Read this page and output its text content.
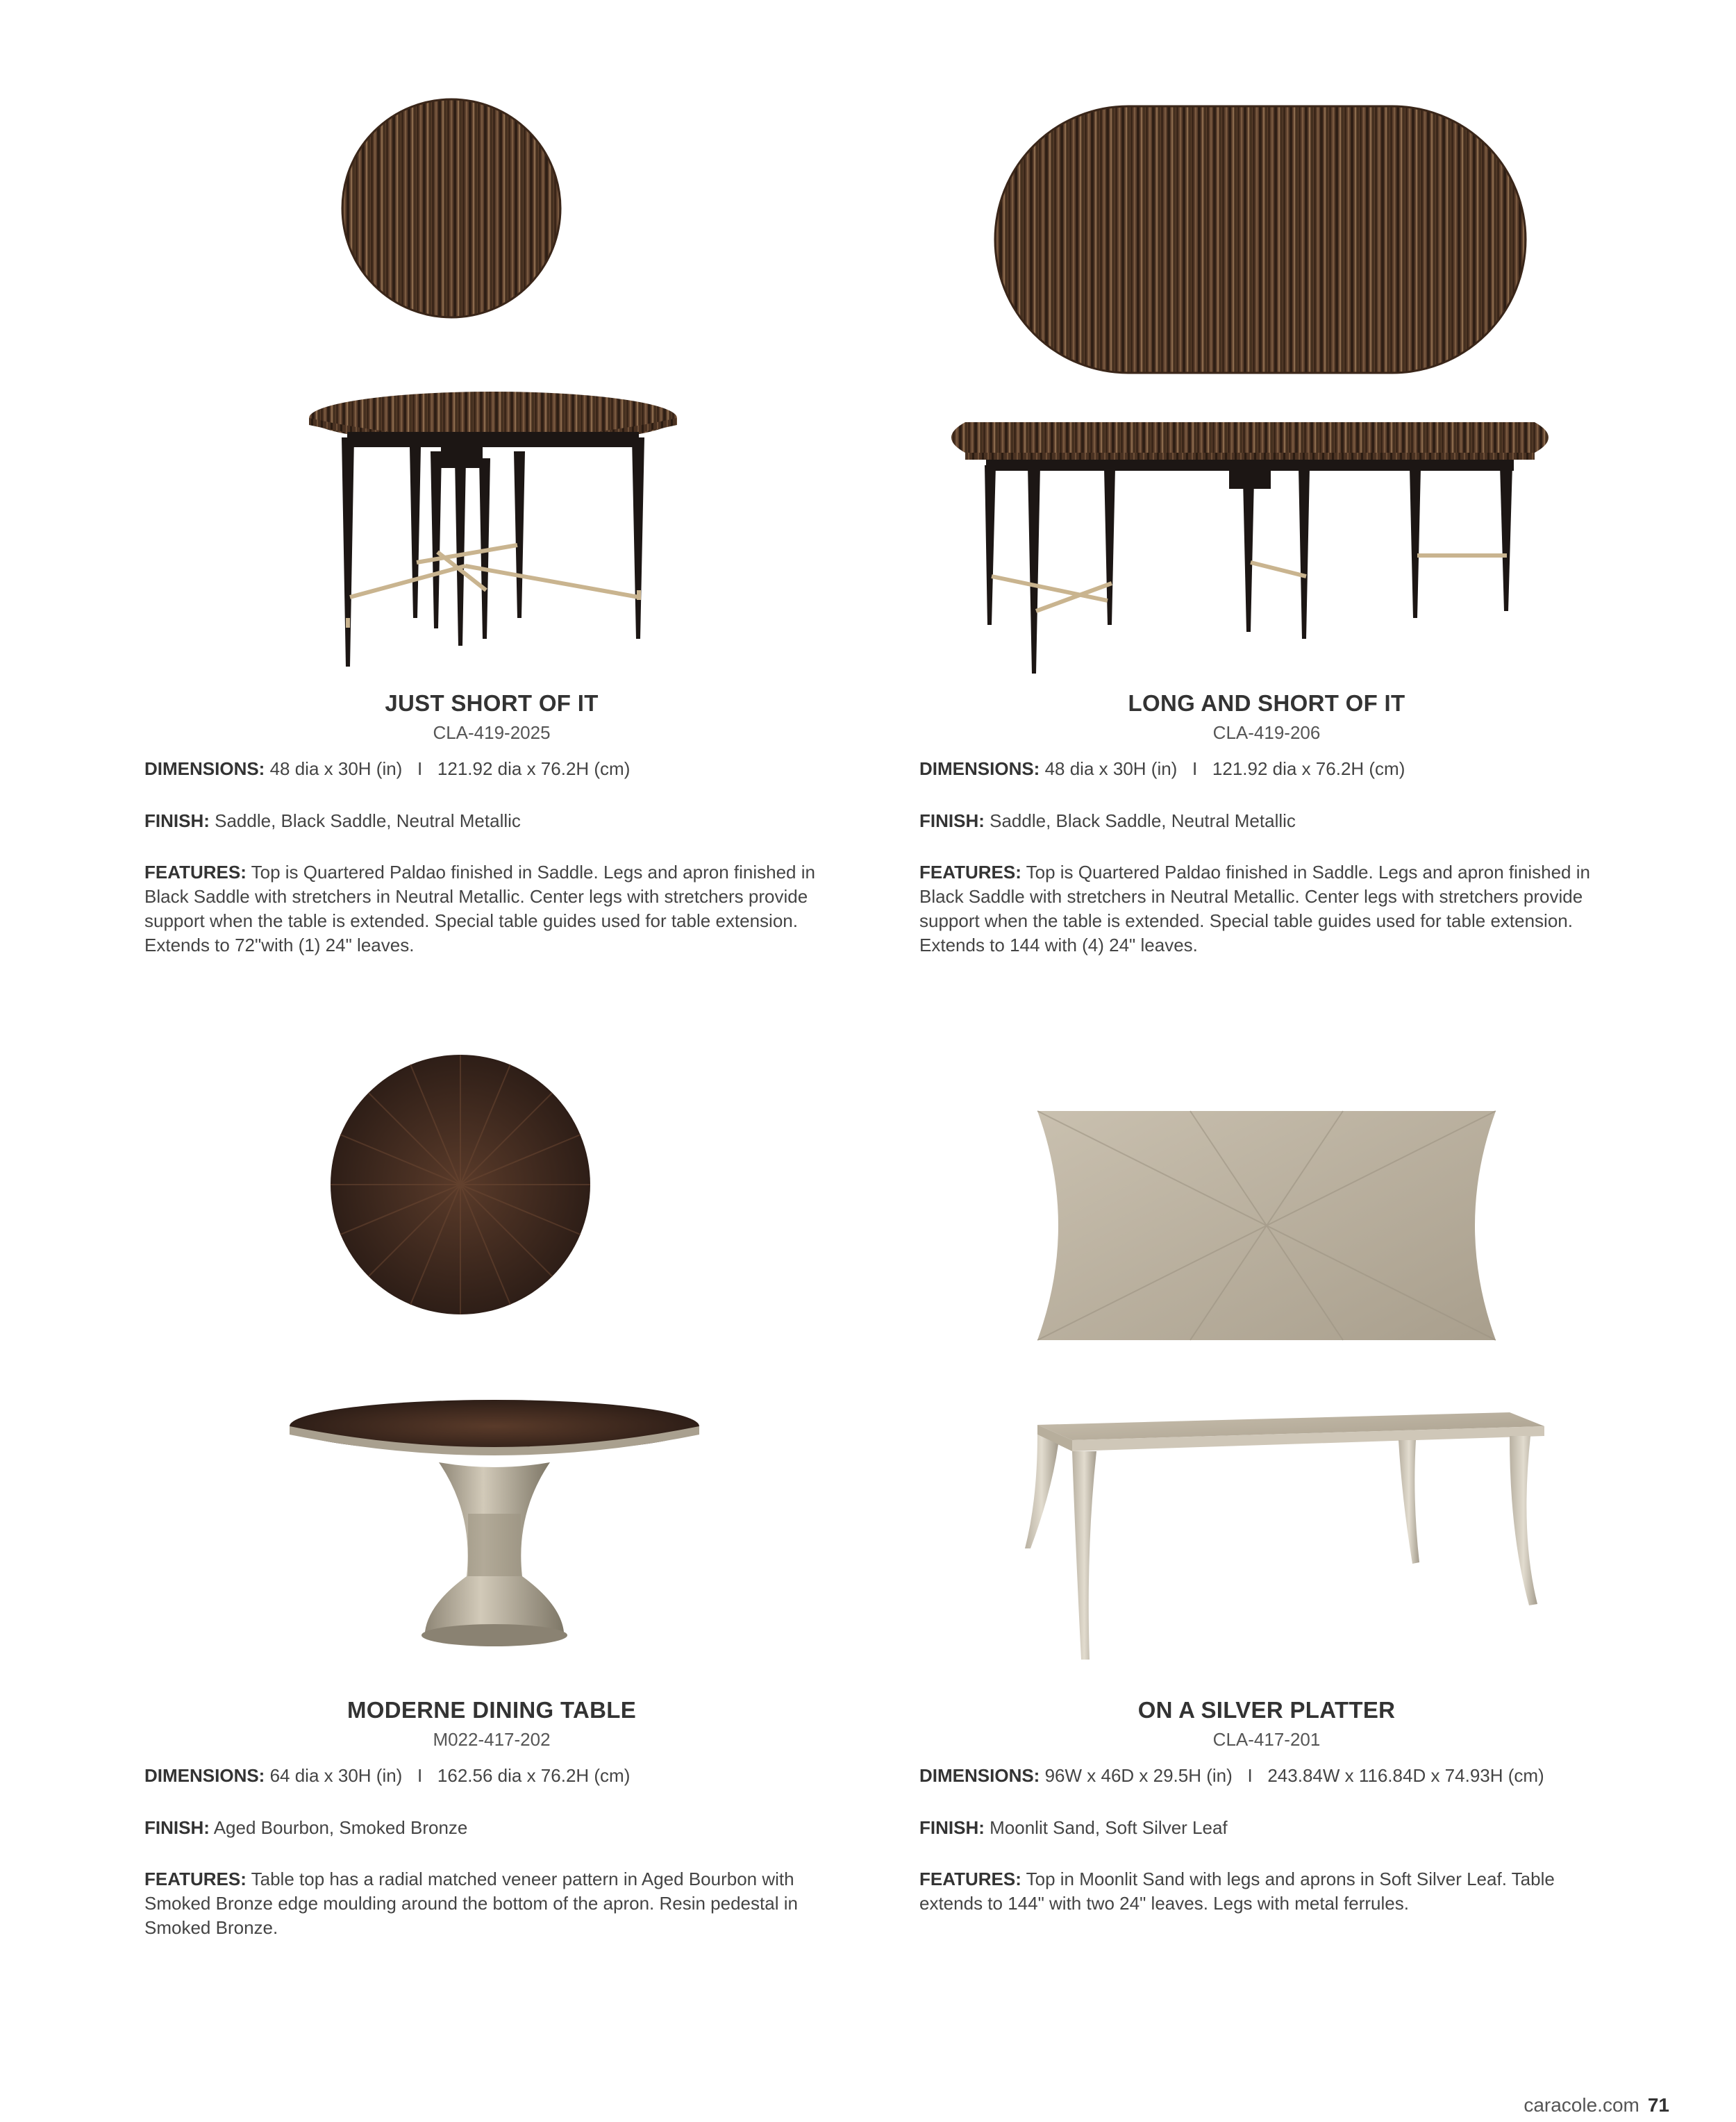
JUST SHORT OF IT
CLA-419-2025
DIMENSIONS: 48 dia x 30H (in)   I   121.92 dia x 76.2H (cm)
FINISH: Saddle, Black Saddle, Neutral Metallic
FEATURES: Top is Quartered Paldao finished in Saddle. Legs and apron finished in Black Saddle with stretchers in Neutral Metallic. Center legs with stretchers provide support when the table is extended. Special table guides used for table extension. Extends to 72"with (1) 24" leaves.
LONG AND SHORT OF IT
CLA-419-206
DIMENSIONS: 48 dia x 30H (in)   I   121.92 dia x 76.2H (cm)
FINISH: Saddle, Black Saddle, Neutral Metallic
FEATURES: Top is Quartered Paldao finished in Saddle. Legs and apron finished in Black Saddle with stretchers in Neutral Metallic. Center legs with stretchers provide support when the table is extended. Special table guides used for table extension. Extends to 144 with (4) 24" leaves.
MODERNE DINING TABLE
M022-417-202
DIMENSIONS: 64 dia x 30H (in)   I   162.56 dia x 76.2H (cm)
FINISH: Aged Bourbon, Smoked Bronze
FEATURES: Table top has a radial matched veneer pattern in Aged Bourbon with Smoked Bronze edge moulding around the bottom of the apron. Resin pedestal in Smoked Bronze.
ON A SILVER PLATTER
CLA-417-201
DIMENSIONS: 96W x 46D x 29.5H (in)   I   243.84W x 116.84D x 74.93H (cm)
FINISH: Moonlit Sand, Soft Silver Leaf
FEATURES: Top in Moonlit Sand with legs and aprons in Soft Silver Leaf. Table extends to 144" with two 24" leaves. Legs with metal ferrules.
caracole.com 71
